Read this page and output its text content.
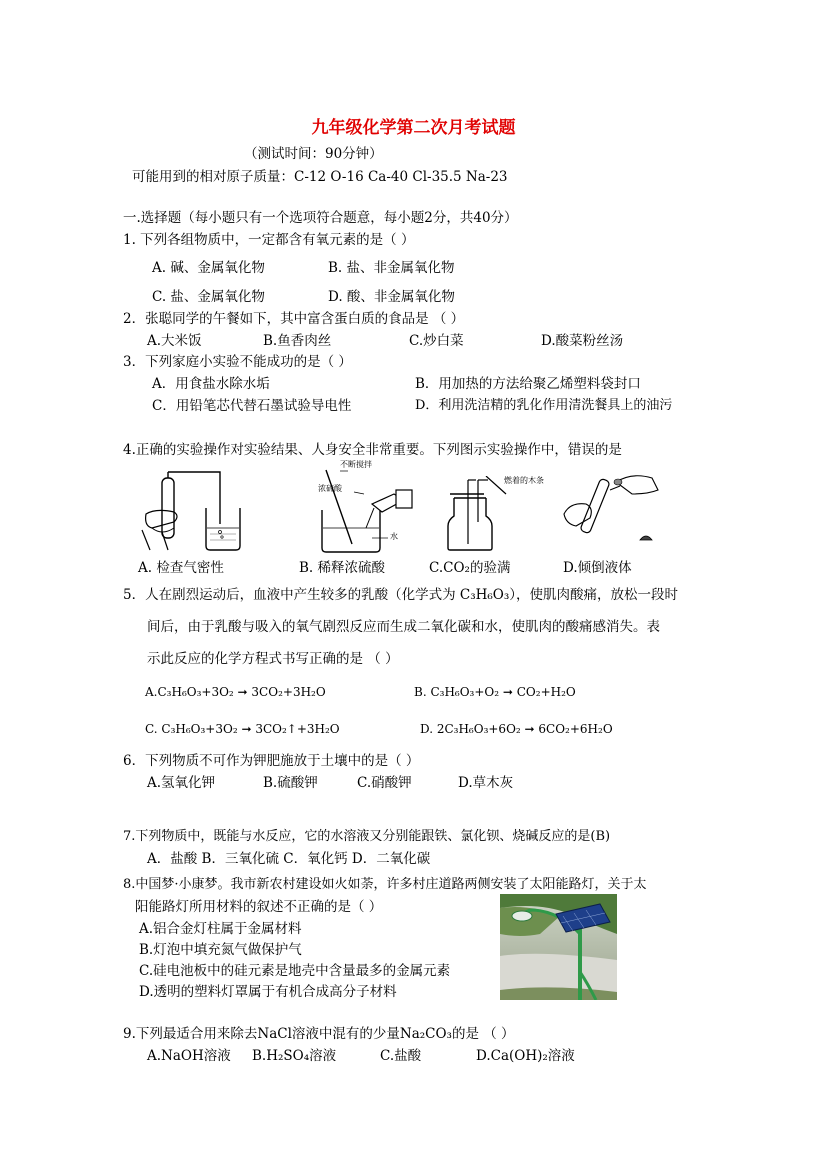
九年级化学第二次月考试题
（测试时间：90分钟）
可能用到的相对原子质量：C-12 O-16 Ca-40 Cl-35.5 Na-23
一.选择题（每小题只有一个选项符合题意，每小题2分，共40分）
1. 下列各组物质中，一定都含有氧元素的是（ ）
A. 碱、金属氧化物	B. 盐、非金属氧化物
C. 盐、金属氧化物	D. 酸、非金属氧化物
2．张聪同学的午餐如下，其中富含蛋白质的食品是 （ ）
A.大米饭	B.鱼香肉丝	C.炒白菜	D.酸菜粉丝汤
3．下列家庭小实验不能成功的是（ ）
A．用食盐水除水垢	B．用加热的方法给聚乙烯塑料袋封口
C．用铅笔芯代替石墨试验导电性	D．利用洗洁精的乳化作用清洗餐具上的油污
4.正确的实验操作对实验结果、人身安全非常重要。下列图示实验操作中，错误的是
不断搅拌
浓硫酸
水
燃着的木条
A. 检查气密性	B. 稀释浓硫酸	C.CO₂的验满	D.倾倒液体
5．人在剧烈运动后，血液中产生较多的乳酸（化学式为 C₃H₆O₃），使肌肉酸痛，放松一段时
间后，由于乳酸与吸入的氧气剧烈反应而生成二氧化碳和水，使肌肉的酸痛感消失。表
示此反应的化学方程式书写正确的是 （ ）
A.C₃H₆O₃+3O₂ ➞ 3CO₂+3H₂O	B. C₃H₆O₃+O₂ ➞ CO₂+H₂O
C. C₃H₆O₃+3O₂ ➞ 3CO₂↑+3H₂O	D. 2C₃H₆O₃+6O₂ ➞ 6CO₂+6H₂O
6．下列物质不可作为钾肥施放于土壤中的是（ ）
A.氢氧化钾	B.硫酸钾	C.硝酸钾	D.草木灰
7.下列物质中，既能与水反应，它的水溶液又分别能跟铁、氯化钡、烧碱反应的是(B)
A．盐酸 B．三氧化硫 C．氧化钙 D．二氧化碳
8.中国梦·小康梦。我市新农村建设如火如荼，许多村庄道路两侧安装了太阳能路灯，关于太
阳能路灯所用材料的叙述不正确的是（ ）
A.铝合金灯柱属于金属材料
B.灯泡中填充氮气做保护气
C.硅电池板中的硅元素是地壳中含量最多的金属元素
D.透明的塑料灯罩属于有机合成高分子材料
9.下列最适合用来除去NaCl溶液中混有的少量Na₂CO₃的是 （ ）
A.NaOH溶液 B.H₂SO₄溶液	C.盐酸	D.Ca(OH)₂溶液
